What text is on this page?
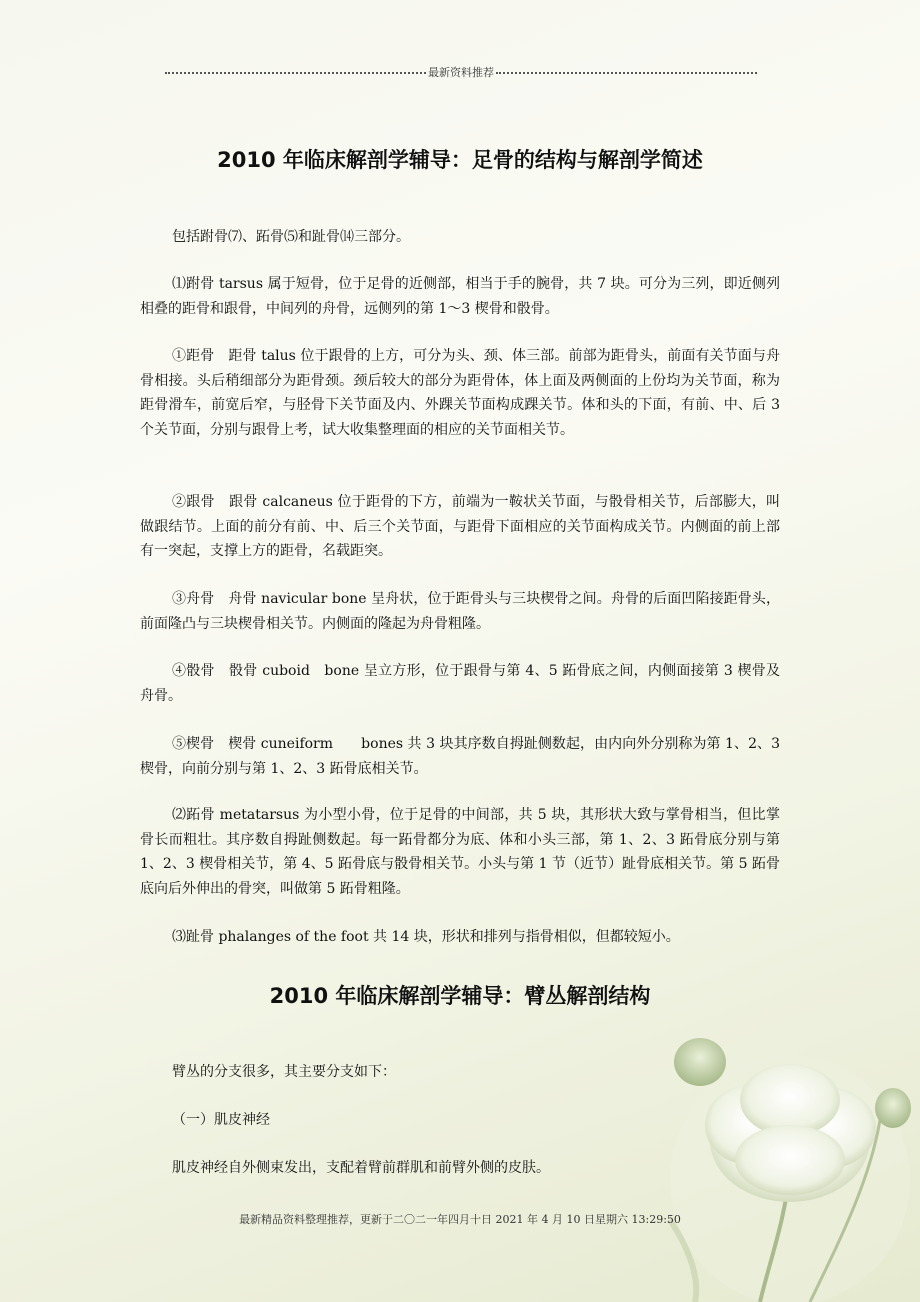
最新资料推荐
2010 年临床解剖学辅导：足骨的结构与解剖学简述
包括跗骨⑺、跖骨⑸和趾骨⒁三部分。
⑴跗骨 tarsus 属于短骨，位于足骨的近侧部，相当于手的腕骨，共 7 块。可分为三列，即近侧列相叠的距骨和跟骨，中间列的舟骨，远侧列的第 1～3 楔骨和骰骨。
①距骨　距骨 talus 位于跟骨的上方，可分为头、颈、体三部。前部为距骨头，前面有关节面与舟骨相接。头后稍细部分为距骨颈。颈后较大的部分为距骨体，体上面及两侧面的上份均为关节面，称为距骨滑车，前宽后窄，与胫骨下关节面及内、外踝关节面构成踝关节。体和头的下面，有前、中、后 3 个关节面，分别与跟骨上考，试大收集整理面的相应的关节面相关节。
②跟骨　跟骨 calcaneus 位于距骨的下方，前端为一鞍状关节面，与骰骨相关节，后部膨大，叫做跟结节。上面的前分有前、中、后三个关节面，与距骨下面相应的关节面构成关节。内侧面的前上部有一突起，支撑上方的距骨，名载距突。
③舟骨　舟骨 navicular bone 呈舟状，位于距骨头与三块楔骨之间。舟骨的后面凹陷接距骨头，前面隆凸与三块楔骨相关节。内侧面的隆起为舟骨粗隆。
④骰骨　骰骨 cuboid　bone 呈立方形，位于跟骨与第 4、5 跖骨底之间，内侧面接第 3 楔骨及舟骨。
⑤楔骨　楔骨 cuneiform　　bones 共 3 块其序数自拇趾侧数起，由内向外分别称为第 1、2、3 楔骨，向前分别与第 1、2、3 跖骨底相关节。
⑵跖骨 metatarsus 为小型小骨，位于足骨的中间部，共 5 块，其形状大致与掌骨相当，但比掌骨长而粗壮。其序数自拇趾侧数起。每一跖骨都分为底、体和小头三部，第 1、2、3 跖骨底分别与第 1、2、3 楔骨相关节，第 4、5 跖骨底与骰骨相关节。小头与第 1 节（近节）趾骨底相关节。第 5 跖骨底向后外伸出的骨突，叫做第 5 跖骨粗隆。
⑶趾骨 phalanges of the foot 共 14 块，形状和排列与指骨相似，但都较短小。
2010 年临床解剖学辅导：臂丛解剖结构
臂丛的分支很多，其主要分支如下：
（一）肌皮神经
肌皮神经自外侧束发出，支配着臂前群肌和前臂外侧的皮肤。
最新精品资料整理推荐，更新于二〇二一年四月十日 2021 年 4 月 10 日星期六 13:29:50
